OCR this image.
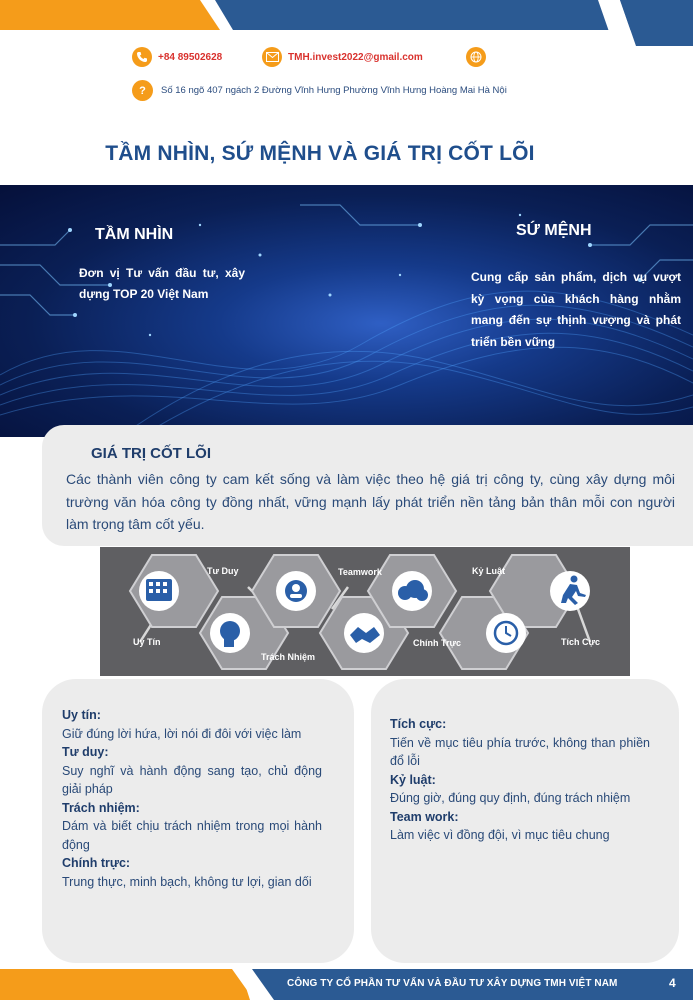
+84 89502628	TMH.invest2022@gmail.com
?	Số 16 ngõ 407 ngách 2 Đường Vĩnh Hưng Phường Vĩnh Hưng Hoàng Mai Hà Nội
TẦM NHÌN, SỨ MỆNH VÀ GIÁ TRỊ CỐT LÕI
TẦM NHÌN
Đơn vị Tư vấn đầu tư, xây dựng TOP 20 Việt Nam
SỨ MỆNH
Cung cấp sản phẩm, dịch vụ vượt kỳ vọng của khách hàng nhằm mang đến sự thịnh vượng và phát triển bền vững
GIÁ TRỊ CỐT LÕI
Các thành viên công ty cam kết sống và làm việc theo hệ giá trị công ty, cùng xây dựng môi trường văn hóa công ty đồng nhất, vững mạnh lấy phát triển nền tảng bản thân mỗi con người làm trọng tâm cốt yếu.
Tư Duy	Teamwork	Kỷ Luật
Uy Tín
Trách Nhiệm
Chính Trực	Tích Cực
Uy tín:
Giữ đúng lời hứa, lời nói đi đôi với việc làm
Tư duy:
Suy nghĩ và hành động sang tạo, chủ động giải pháp
Trách nhiệm:
Dám và biết chịu trách nhiệm trong mọi hành động
Chính trực:
Trung thực, minh bạch, không tư lợi, gian dối
Tích cực:
Tiến về mục tiêu phía trước, không than phiền đổ lỗi
Kỷ luật:
Đúng giờ, đúng quy định, đúng trách nhiệm
Team work:
Làm việc vì đồng đội, vì mục tiêu chung
CÔNG TY CỔ PHẦN TƯ VẤN VÀ ĐẦU TƯ XÂY DỰNG TMH VIỆT NAM	4
